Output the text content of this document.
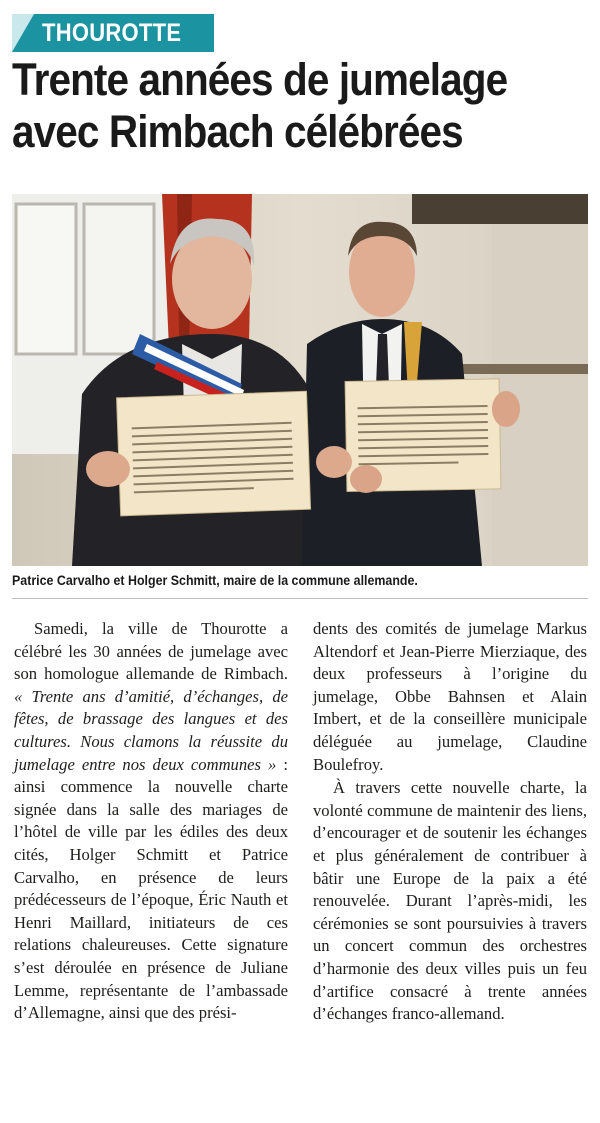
THOUROTTE
Trente années de jumelage
avec Rimbach célébrées
Patrice Carvalho et Holger Schmitt, maire de la commune allemande.

Samedi, la ville de Thourotte a célébré les 30 années de jumelage avec son homologue allemande de Rimbach. « Trente ans d’amitié, d’échanges, de fêtes, de brassage des langues et des cultures. Nous clamons la réussite du jumelage entre nos deux communes » : ainsi commence la nouvelle charte signée dans la salle des mariages de l’hôtel de ville par les édiles des deux cités, Holger Schmitt et Patrice Carvalho, en présence de leurs prédécesseurs de l’époque, Éric Nauth et Henri Maillard, initiateurs de ces relations chaleureuses. Cette signature s’est déroulée en présence de Juliane Lemme, représentante de l’ambassade d’Allemagne, ainsi que des prési-

dents des comités de jumelage Markus Altendorf et Jean-Pierre Mierziaque, des deux professeurs à l’origine du jumelage, Obbe Bahnsen et Alain Imbert, et de la conseillère municipale déléguée au jumelage, Claudine Boulefroy.

À travers cette nouvelle charte, la volonté commune de maintenir des liens, d’encourager et de soutenir les échanges et plus généralement de contribuer à bâtir une Europe de la paix a été renouvelée. Durant l’après-midi, les cérémonies se sont poursuivies à travers un concert commun des orchestres d’harmonie des deux villes puis un feu d’artifice consacré à trente années d’échanges franco-allemand.
